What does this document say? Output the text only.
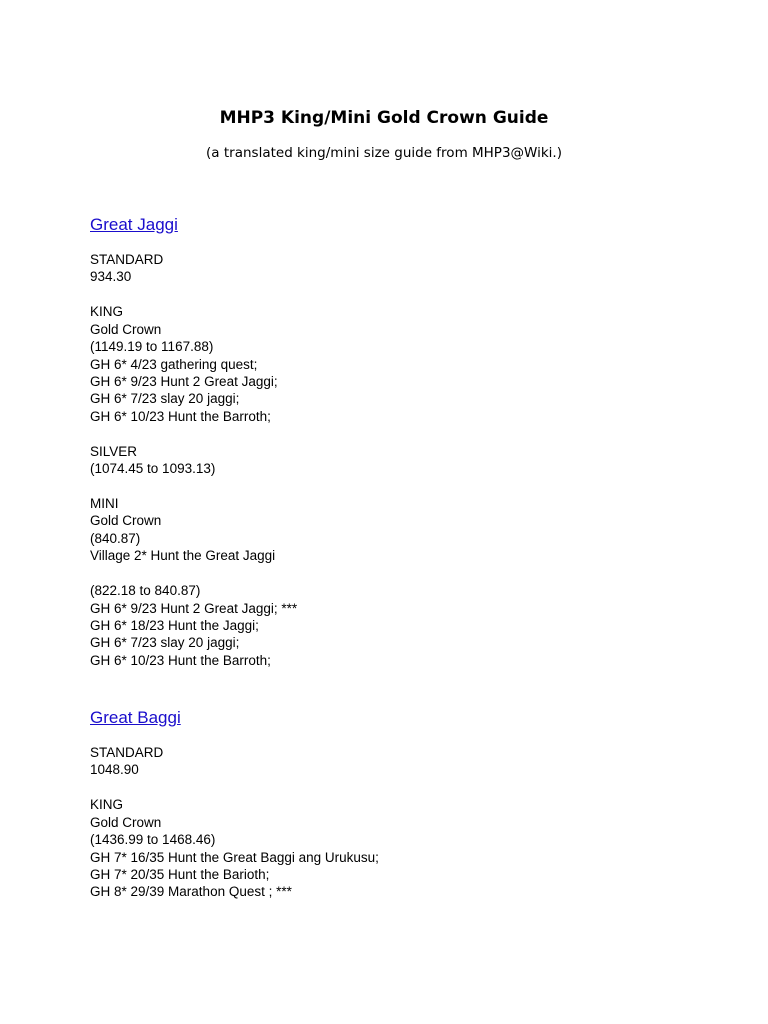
MHP3 King/Mini Gold Crown Guide
(a translated king/mini size guide from MHP3@Wiki.)
Great Jaggi
STANDARD
934.30
KING
Gold Crown
(1149.19 to 1167.88)
GH 6* 4/23 gathering quest;
GH 6* 9/23 Hunt 2 Great Jaggi;
GH 6* 7/23 slay 20 jaggi;
GH 6* 10/23 Hunt the Barroth;
SILVER
(1074.45 to 1093.13)
MINI
Gold Crown
(840.87)
Village 2* Hunt the Great Jaggi
(822.18 to 840.87)
GH 6* 9/23 Hunt 2 Great Jaggi; ***
GH 6* 18/23 Hunt the Jaggi;
GH 6* 7/23 slay 20 jaggi;
GH 6* 10/23 Hunt the Barroth;
Great Baggi
STANDARD
1048.90
KING
Gold Crown
(1436.99 to 1468.46)
GH 7* 16/35 Hunt the Great Baggi ang Urukusu;
GH 7* 20/35 Hunt the Barioth;
GH 8* 29/39 Marathon Quest ; ***
